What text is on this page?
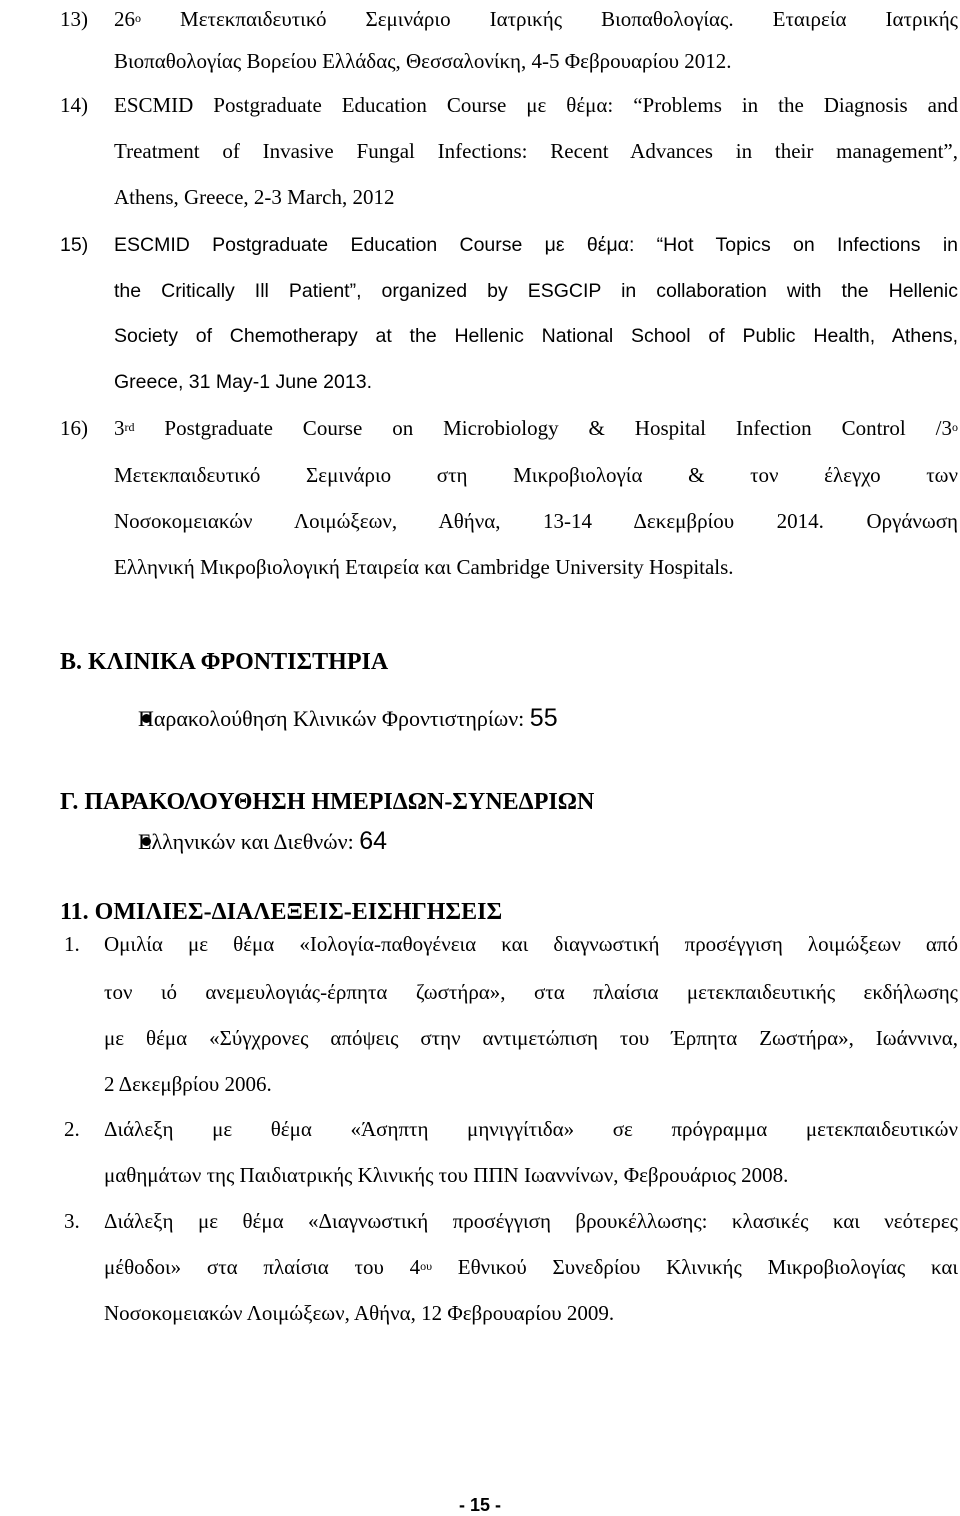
13) $26^o$ Μετεκπαιδευτικό Σεμινάριο Ιατρικής Βιοπαθολογίας. Εταιρεία Ιατρικής
Βιοπαθολογίας Βορείου Ελλάδας, Θεσσαλονίκη, 4-5 Φεβρουαρίου 2012.
14) ESCMID Postgraduate Education Course με θέμα: “Problems in the Diagnosis and
Treatment of Invasive Fungal Infections: Recent Advances in their management”,
Athens, Greece, 2-3 March, 2012
15) ESCMID Postgraduate Education Course με θέμα: “Hot Topics on Infections in
the Critically Ill Patient”, organized by ESGCIP in collaboration with the Hellenic
Society of Chemotherapy at the Hellenic National School of Public Health, Athens,
Greece, 31 May-1 June 2013.
16) 3rd Postgraduate Course on Microbiology & Hospital Infection Control $/3^o$
Μετεκπαιδευτικό Σεμινάριο στη Μικροβιολογία & τον έλεγχο των
Νοσοκομειακών Λοιμώξεων, Αθήνα, 13-14 Δεκεμβρίου 2014. Οργάνωση
Ελληνική Μικροβιολογική Εταιρεία και Cambridge University Hospitals.
Β. ΚΛΙΝΙΚΑ ΦΡΟΝΤΙΣΤΗΡΙΑ
Παρακολούθηση Κλινικών Φροντιστηρίων: 55
Γ. ΠΑΡΑΚΟΛΟΥΘΗΣΗ ΗΜΕΡΙΔΩΝ-ΣΥΝΕΔΡΙΩΝ
Ελληνικών και Διεθνών: 64
11. ΟΜΙΛΙΕΣ-ΔΙΑΛΕΞΕΙΣ-ΕΙΣΗΓΗΣΕΙΣ
1. Ομιλία με θέμα «Ιολογία-παθογένεια και διαγνωστική προσέγγιση λοιμώξεων από
τον ιό ανεμευλογιάς-έρπητα ζωστήρα», στα πλαίσια μετεκπαιδευτικής εκδήλωσης
με θέμα «Σύγχρονες απόψεις στην αντιμετώπιση του Έρπητα Ζωστήρα», Ιωάννινα,
2 Δεκεμβρίου 2006.
2. Διάλεξη με θέμα «Άσηπτη μηνιγγίτιδα» σε πρόγραμμα μετεκπαιδευτικών
μαθημάτων της Παιδιατρικής Κλινικής του ΠΠΝ Ιωαννίνων, Φεβρουάριος 2008.
3. Διάλεξη με θέμα «Διαγνωστική προσέγγιση βρουκέλλωσης: κλασικές και νεότερες
μέθοδοι» στα πλαίσια του $4^{o\upsilon}$ Εθνικού Συνεδρίου Κλινικής Μικροβιολογίας και
Νοσοκομειακών Λοιμώξεων, Αθήνα, 12 Φεβρουαρίου 2009.
- 15 -
